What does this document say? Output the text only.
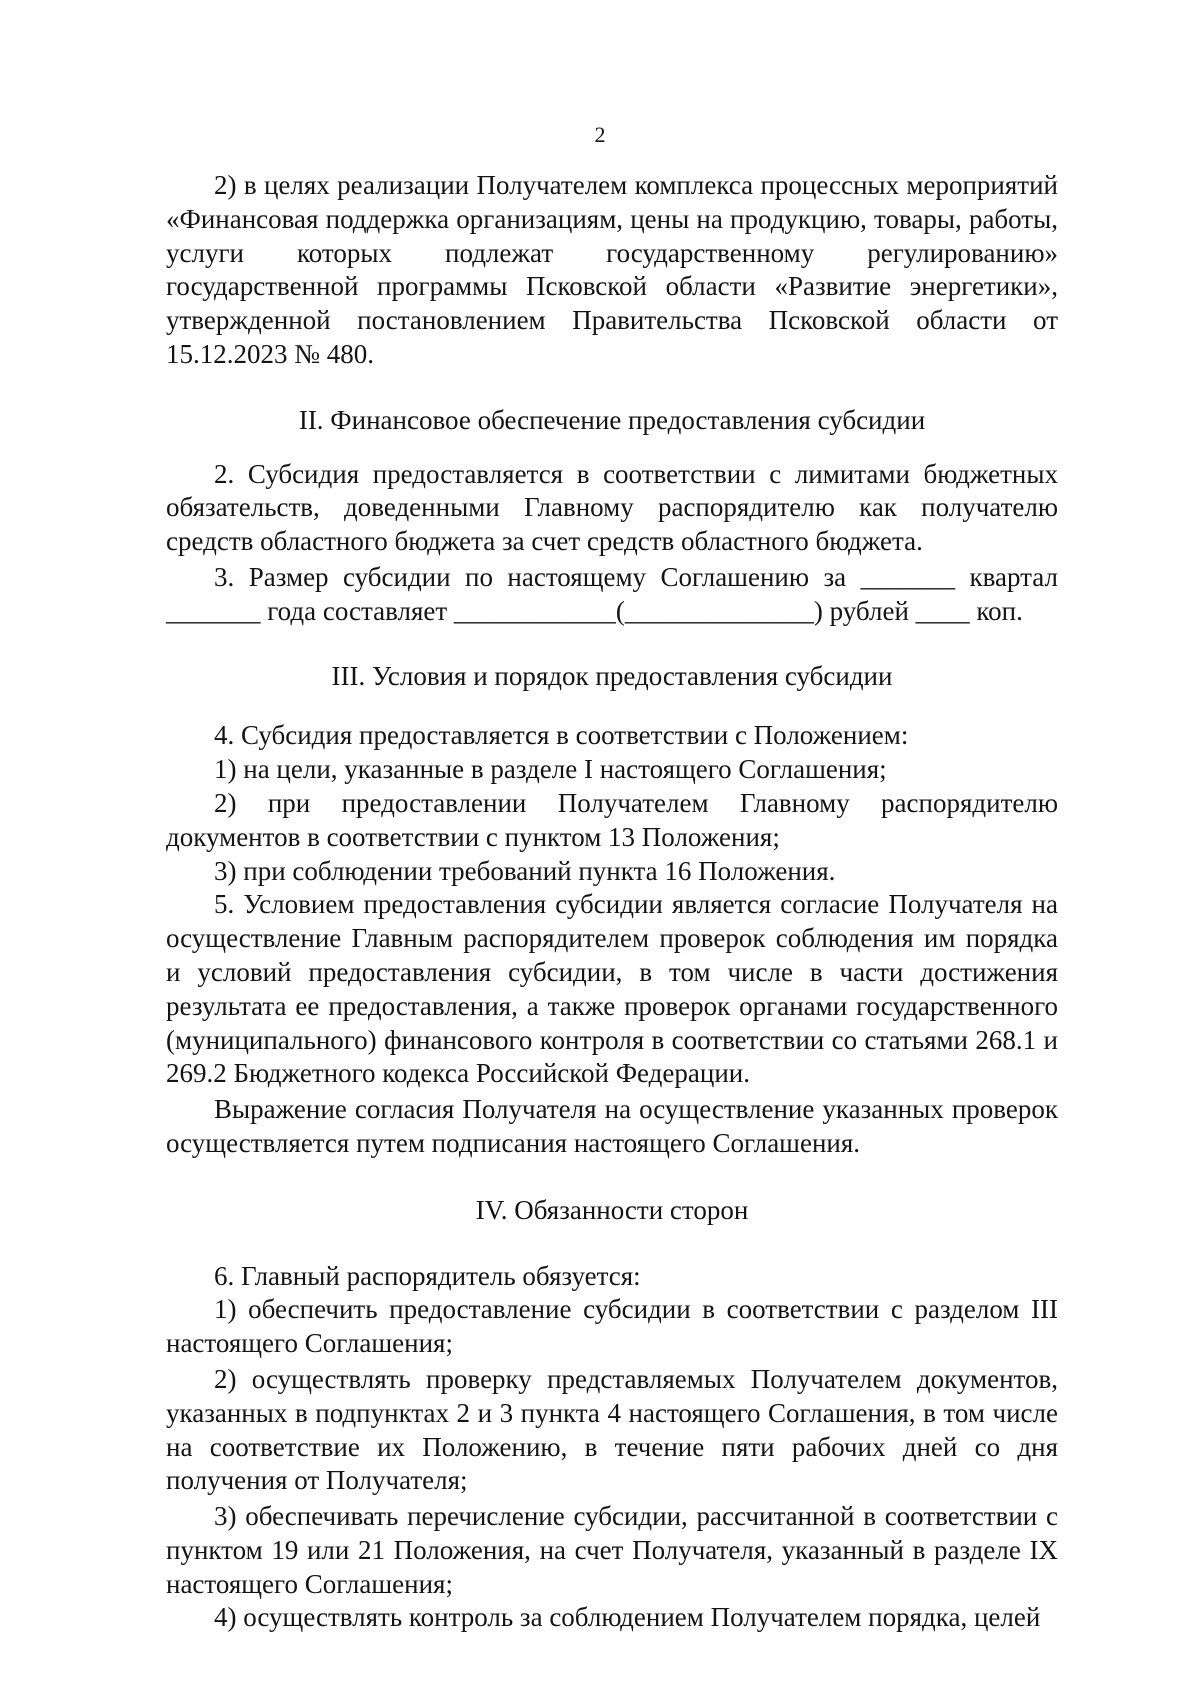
2

2) в целях реализации Получателем комплекса процессных мероприятий «Финансовая поддержка организациям, цены на продукцию, товары, работы, услуги которых подлежат государственному регулированию» государственной программы Псковской области «Развитие энергетики», утвержденной постановлением Правительства Псковской области от 15.12.2023 № 480.

II. Финансовое обеспечение предоставления субсидии

2. Субсидия предоставляется в соответствии с лимитами бюджетных обязательств, доведенными Главному распорядителю как получателю средств областного бюджета за счет средств областного бюджета.

3. Размер субсидии по настоящему Соглашению за _______ квартал _______ года составляет ____________(______________) рублей ____ коп.

III. Условия и порядок предоставления субсидии

4. Субсидия предоставляется в соответствии с Положением:

1) на цели, указанные в разделе I настоящего Соглашения;

2) при предоставлении Получателем Главному распорядителю документов в соответствии с пунктом 13 Положения;

3) при соблюдении требований пункта 16 Положения.

5. Условием предоставления субсидии является согласие Получателя на осуществление Главным распорядителем проверок соблюдения им порядка и условий предоставления субсидии, в том числе в части достижения результата ее предоставления, а также проверок органами государственного (муниципального) финансового контроля в соответствии со статьями 268.1 и 269.2 Бюджетного кодекса Российской Федерации.

Выражение согласия Получателя на осуществление указанных проверок осуществляется путем подписания настоящего Соглашения.

IV. Обязанности сторон

6. Главный распорядитель обязуется:

1) обеспечить предоставление субсидии в соответствии с разделом III настоящего Соглашения;

2) осуществлять проверку представляемых Получателем документов, указанных в подпунктах 2 и 3 пункта 4 настоящего Соглашения, в том числе на соответствие их Положению, в течение пяти рабочих дней со дня получения от Получателя;

3) обеспечивать перечисление субсидии, рассчитанной в соответствии с пунктом 19 или 21 Положения, на счет Получателя, указанный в разделе IX настоящего Соглашения;

4) осуществлять контроль за соблюдением Получателем порядка, целей
